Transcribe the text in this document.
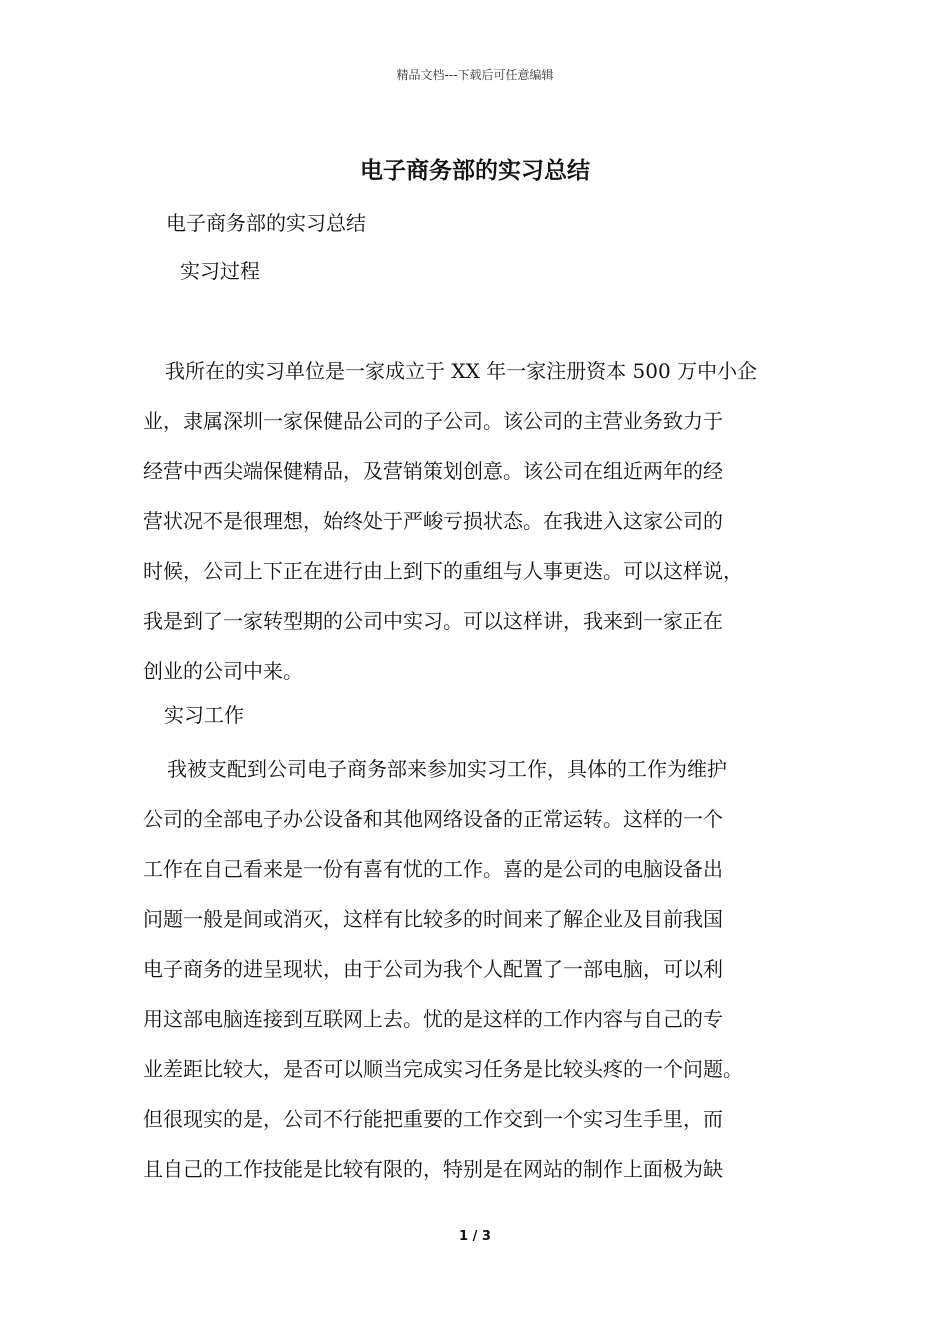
精品文档---下载后可任意编辑
电子商务部的实习总结
电子商务部的实习总结
实习过程
我所在的实习单位是一家成立于 XX 年一家注册资本 500 万中小企
业，隶属深圳一家保健品公司的子公司。该公司的主营业务致力于
经营中西尖端保健精品，及营销策划创意。该公司在组近两年的经
营状况不是很理想，始终处于严峻亏损状态。在我进入这家公司的
时候，公司上下正在进行由上到下的重组与人事更迭。可以这样说，
我是到了一家转型期的公司中实习。可以这样讲，我来到一家正在
创业的公司中来。
实习工作
我被支配到公司电子商务部来参加实习工作，具体的工作为维护
公司的全部电子办公设备和其他网络设备的正常运转。这样的一个
工作在自己看来是一份有喜有忧的工作。喜的是公司的电脑设备出
问题一般是间或消灭，这样有比较多的时间来了解企业及目前我国
电子商务的进呈现状，由于公司为我个人配置了一部电脑，可以利
用这部电脑连接到互联网上去。忧的是这样的工作内容与自己的专
业差距比较大，是否可以顺当完成实习任务是比较头疼的一个问题。
但很现实的是，公司不行能把重要的工作交到一个实习生手里，而
且自己的工作技能是比较有限的，特别是在网站的制作上面极为缺
1 / 3
